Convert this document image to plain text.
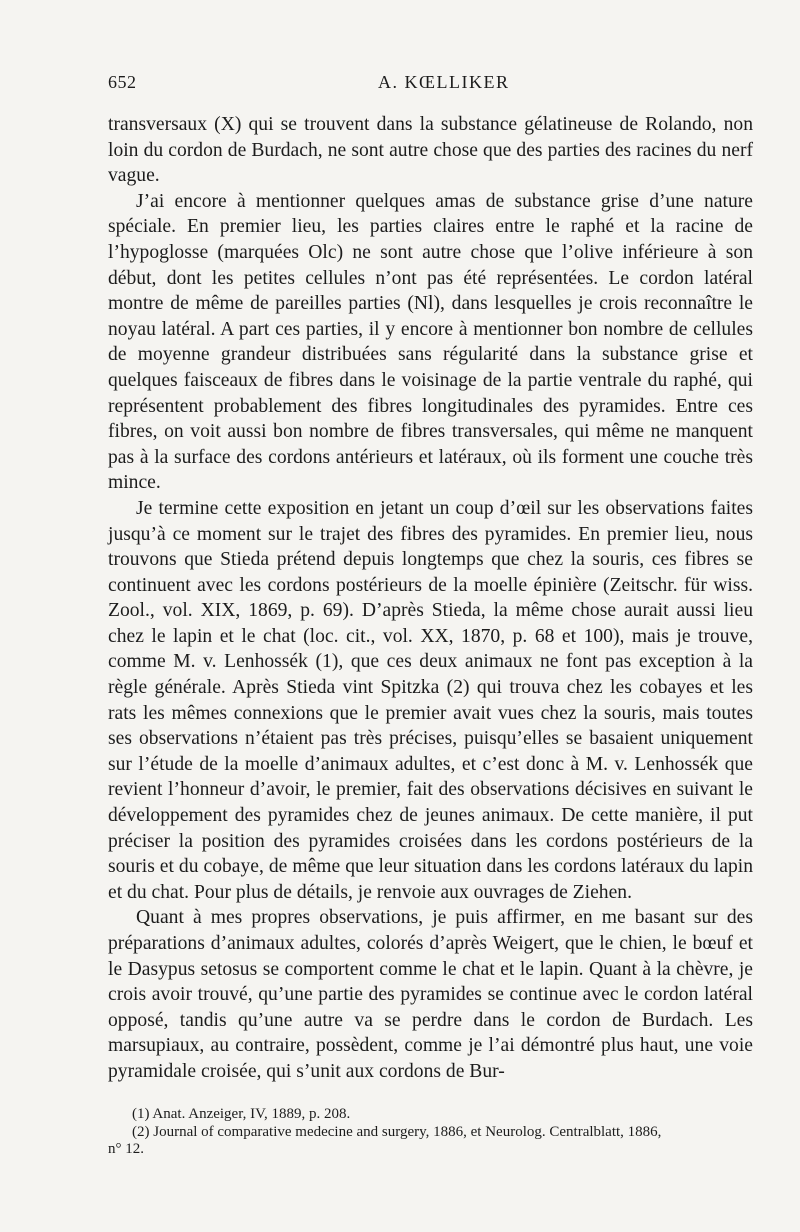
652	A. KŒLLIKER

transversaux (X) qui se trouvent dans la substance gélatineuse de Rolando, non loin du cordon de Burdach, ne sont autre chose que des parties des racines du nerf vague.

J’ai encore à mentionner quelques amas de substance grise d’une nature spéciale. En premier lieu, les parties claires entre le raphé et la racine de l’hypoglosse (marquées Olc) ne sont autre chose que l’olive inférieure à son début, dont les petites cellules n’ont pas été représentées. Le cordon latéral montre de même de pareilles parties (Nl), dans lesquelles je crois reconnaître le noyau latéral. A part ces parties, il y encore à mentionner bon nombre de cellules de moyenne grandeur distribuées sans régularité dans la substance grise et quelques faisceaux de fibres dans le voisinage de la partie ventrale du raphé, qui représentent probablement des fibres longitudinales des pyramides. Entre ces fibres, on voit aussi bon nombre de fibres transversales, qui même ne manquent pas à la surface des cordons antérieurs et latéraux, où ils forment une couche très mince.

Je termine cette exposition en jetant un coup d’œil sur les observations faites jusqu’à ce moment sur le trajet des fibres des pyramides. En premier lieu, nous trouvons que Stieda prétend depuis longtemps que chez la souris, ces fibres se continuent avec les cordons postérieurs de la moelle épinière (Zeitschr. für wiss. Zool., vol. XIX, 1869, p. 69). D’après Stieda, la même chose aurait aussi lieu chez le lapin et le chat (loc. cit., vol. XX, 1870, p. 68 et 100), mais je trouve, comme M. v. Lenhossék (1), que ces deux animaux ne font pas exception à la règle générale. Après Stieda vint Spitzka (2) qui trouva chez les cobayes et les rats les mêmes connexions que le premier avait vues chez la souris, mais toutes ses observations n’étaient pas très précises, puisqu’elles se basaient uniquement sur l’étude de la moelle d’animaux adultes, et c’est donc à M. v. Lenhossék que revient l’honneur d’avoir, le premier, fait des observations décisives en suivant le développement des pyramides chez de jeunes animaux. De cette manière, il put préciser la position des pyramides croisées dans les cordons postérieurs de la souris et du cobaye, de même que leur situation dans les cordons latéraux du lapin et du chat. Pour plus de détails, je renvoie aux ouvrages de Ziehen.

Quant à mes propres observations, je puis affirmer, en me basant sur des préparations d’animaux adultes, colorés d’après Weigert, que le chien, le bœuf et le Dasypus setosus se comportent comme le chat et le lapin. Quant à la chèvre, je crois avoir trouvé, qu’une partie des pyramides se continue avec le cordon latéral opposé, tandis qu’une autre va se perdre dans le cordon de Burdach. Les marsupiaux, au contraire, possèdent, comme je l’ai démontré plus haut, une voie pyramidale croisée, qui s’unit aux cordons de Bur-

(1) Anat. Anzeiger, IV, 1889, p. 208.

(2) Journal of comparative medecine and surgery, 1886, et Neurolog. Centralblatt, 1886,

n° 12.
